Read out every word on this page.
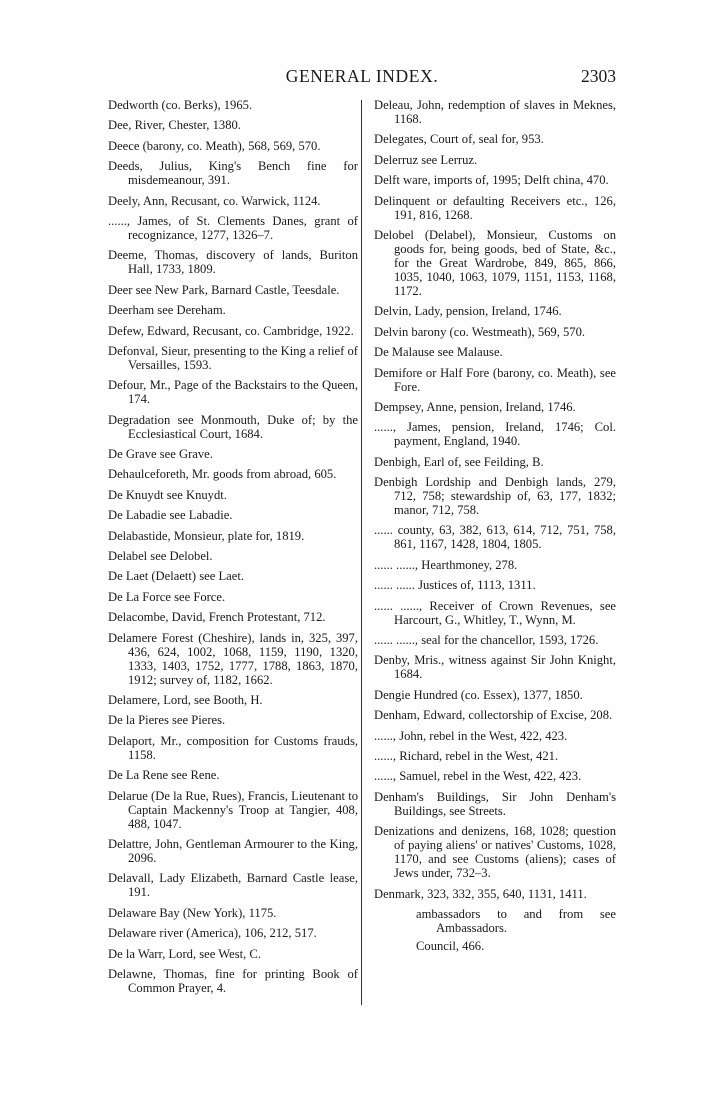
GENERAL INDEX.	2303

Dedworth (co. Berks), 1965.

Dee, River, Chester, 1380.

Deece (barony, co. Meath), 568, 569, 570.

Deeds, Julius, King's Bench fine for misdemeanour, 391.

Deely, Ann, Recusant, co. Warwick, 1124.

......, James, of St. Clements Danes, grant of recognizance, 1277, 1326–7.

Deeme, Thomas, discovery of lands, Buriton Hall, 1733, 1809.

Deer see New Park, Barnard Castle, Teesdale.

Deerham see Dereham.

Defew, Edward, Recusant, co. Cambridge, 1922.

Defonval, Sieur, presenting to the King a relief of Versailles, 1593.

Defour, Mr., Page of the Backstairs to the Queen, 174.

Degradation see Monmouth, Duke of; by the Ecclesiastical Court, 1684.

De Grave see Grave.

Dehaulceforeth, Mr. goods from abroad, 605.

De Knuydt see Knuydt.

De Labadie see Labadie.

Delabastide, Monsieur, plate for, 1819.

Delabel see Delobel.

De Laet (Delaett) see Laet.

De La Force see Force.

Delacombe, David, French Protestant, 712.

Delamere Forest (Cheshire), lands in, 325, 397, 436, 624, 1002, 1068, 1159, 1190, 1320, 1333, 1403, 1752, 1777, 1788, 1863, 1870, 1912; survey of, 1182, 1662.

Delamere, Lord, see Booth, H.

De la Pieres see Pieres.

Delaport, Mr., composition for Customs frauds, 1158.

De La Rene see Rene.

Delarue (De la Rue, Rues), Francis, Lieutenant to Captain Mackenny's Troop at Tangier, 408, 488, 1047.

Delattre, John, Gentleman Armourer to the King, 2096.

Delavall, Lady Elizabeth, Barnard Castle lease, 191.

Delaware Bay (New York), 1175.

Delaware river (America), 106, 212, 517.

De la Warr, Lord, see West, C.

Delawne, Thomas, fine for printing Book of Common Prayer, 4.

Deleau, John, redemption of slaves in Meknes, 1168.

Delegates, Court of, seal for, 953.

Delerruz see Lerruz.

Delft ware, imports of, 1995; Delft china, 470.

Delinquent or defaulting Receivers etc., 126, 191, 816, 1268.

Delobel (Delabel), Monsieur, Customs on goods for, being goods, bed of State, &c., for the Great Wardrobe, 849, 865, 866, 1035, 1040, 1063, 1079, 1151, 1153, 1168, 1172.

Delvin, Lady, pension, Ireland, 1746.

Delvin barony (co. Westmeath), 569, 570.

De Malause see Malause.

Demifore or Half Fore (barony, co. Meath), see Fore.

Dempsey, Anne, pension, Ireland, 1746.

......, James, pension, Ireland, 1746; Col. payment, England, 1940.

Denbigh, Earl of, see Feilding, B.

Denbigh Lordship and Denbigh lands, 279, 712, 758; stewardship of, 63, 177, 1832; manor, 712, 758.

...... county, 63, 382, 613, 614, 712, 751, 758, 861, 1167, 1428, 1804, 1805.

...... ......, Hearthmoney, 278.

...... ...... Justices of, 1113, 1311.

...... ......, Receiver of Crown Revenues, see Harcourt, G., Whitley, T., Wynn, M.

...... ......, seal for the chancellor, 1593, 1726.

Denby, Mris., witness against Sir John Knight, 1684.

Dengie Hundred (co. Essex), 1377, 1850.

Denham, Edward, collectorship of Excise, 208.

......, John, rebel in the West, 422, 423.

......, Richard, rebel in the West, 421.

......, Samuel, rebel in the West, 422, 423.

Denham's Buildings, Sir John Denham's Buildings, see Streets.

Denizations and denizens, 168, 1028; question of paying aliens' or natives' Customs, 1028, 1170, and see Customs (aliens); cases of Jews under, 732–3.

Denmark, 323, 332, 355, 640, 1131, 1411.

ambassadors to and from see Ambassadors.

Council, 466.
